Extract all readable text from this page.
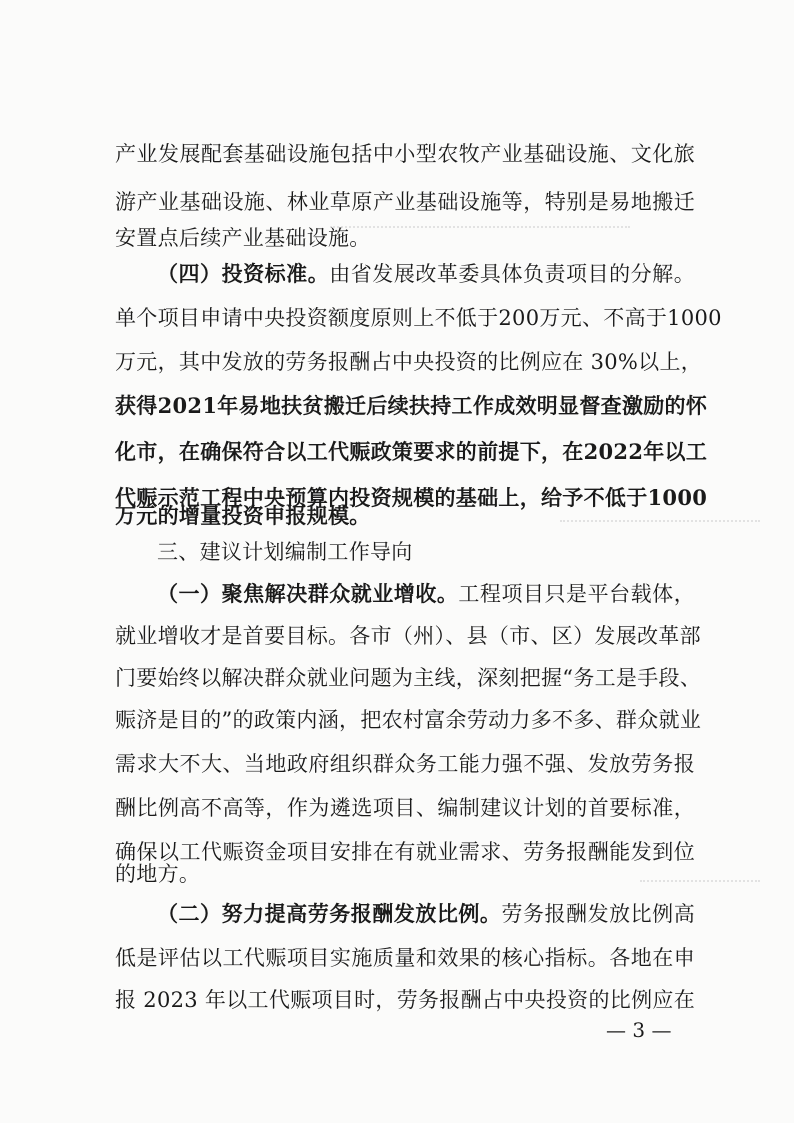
产业发展配套基础设施包括中小型农牧产业基础设施、文化旅
游产业基础设施、林业草原产业基础设施等，特别是易地搬迁
安置点后续产业基础设施。
（四）投资标准。由省发展改革委具体负责项目的分解。
单个项目申请中央投资额度原则上不低于200万元、不高于1000
万元，其中发放的劳务报酬占中央投资的比例应在 30%以上，
获得2021年易地扶贫搬迁后续扶持工作成效明显督查激励的怀
化市，在确保符合以工代赈政策要求的前提下，在2022年以工
代赈示范工程中央预算内投资规模的基础上，给予不低于1000
万元的增量投资申报规模。
三、建议计划编制工作导向
（一）聚焦解决群众就业增收。工程项目只是平台载体，
就业增收才是首要目标。各市（州）、县（市、区）发展改革部
门要始终以解决群众就业问题为主线，深刻把握“务工是手段、
赈济是目的”的政策内涵，把农村富余劳动力多不多、群众就业
需求大不大、当地政府组织群众务工能力强不强、发放劳务报
酬比例高不高等，作为遴选项目、编制建议计划的首要标准，
确保以工代赈资金项目安排在有就业需求、劳务报酬能发到位
的地方。
（二）努力提高劳务报酬发放比例。劳务报酬发放比例高
低是评估以工代赈项目实施质量和效果的核心指标。各地在申
报 2023 年以工代赈项目时，劳务报酬占中央投资的比例应在
— 3 —
